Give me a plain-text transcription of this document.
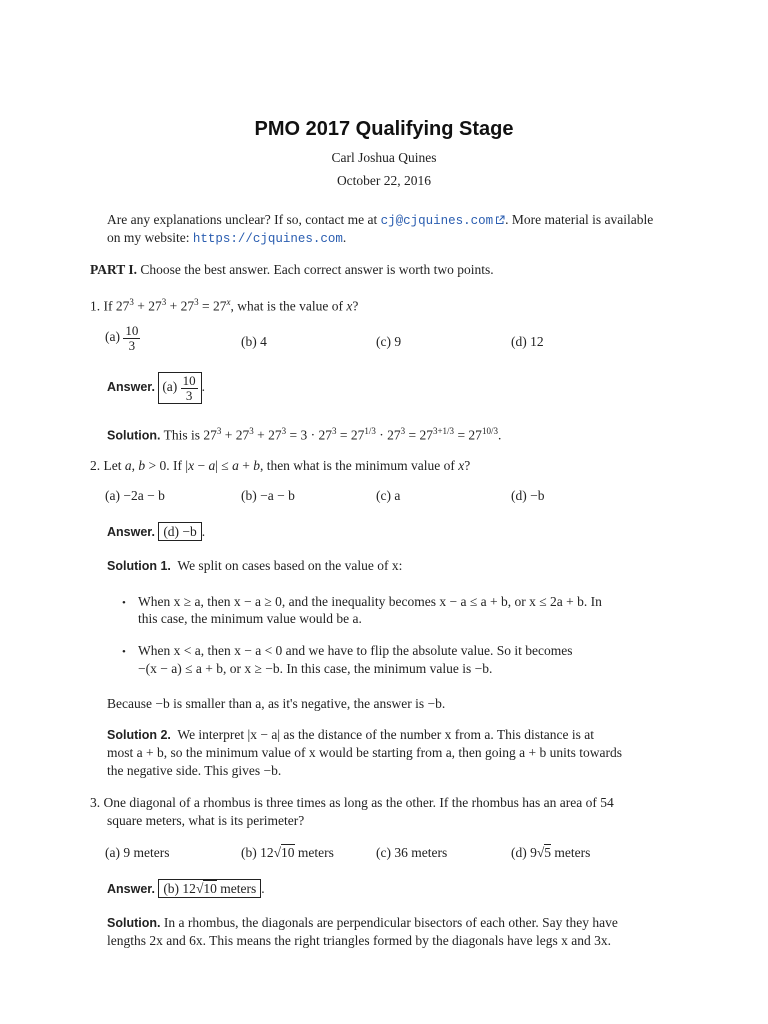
PMO 2017 Qualifying Stage
Carl Joshua Quines
October 22, 2016
Are any explanations unclear? If so, contact me at cj@cjquines.com . More material is available
on my website: https://cjquines.com.
PART I. Choose the best answer. Each correct answer is worth two points.
1. If $27^3 + 27^3 + 27^3 = 27^x$, what is the value of x?
$(a) \frac{10}{3}$	(b) 4	(c) 9	(d) 12
Answer. $(a) \frac{10}{3}$ .
Solution. This is $27^3 + 27^3 + 27^3 = 3 \cdot 27^3 = 27^{1/3} \cdot 27^3 = 27^{3+1/3} = 27^{10/3}$.
2. Let a, b > 0. If |x − a| ≤ a + b, then what is the minimum value of x?
(a) −2a − b	(b) −a − b	(c) a	(d) −b
Answer. (d) −b .
Solution 1. We split on cases based on the value of x:
• When x ≥ a, then x − a ≥ 0, and the inequality becomes x − a ≤ a + b, or x ≤ 2a + b. In
this case, the minimum value would be a.
• When x < a, then x − a < 0 and we have to flip the absolute value. So it becomes
−(x − a) ≤ a + b, or x ≥ −b. In this case, the minimum value is −b.
Because −b is smaller than a, as it's negative, the answer is −b.
Solution 2. We interpret |x − a| as the distance of the number x from a. This distance is at
most a + b, so the minimum value of x would be starting from a, then going a + b units towards
the negative side. This gives −b.
3. One diagonal of a rhombus is three times as long as the other. If the rhombus has an area of 54
square meters, what is its perimeter?
(a) 9 meters	(b) 12√10 meters	(c) 36 meters	(d) 9√5 meters
Answer. (b) 12√10 meters .
Solution. In a rhombus, the diagonals are perpendicular bisectors of each other. Say they have
lengths 2x and 6x. This means the right triangles formed by the diagonals have legs x and 3x.
